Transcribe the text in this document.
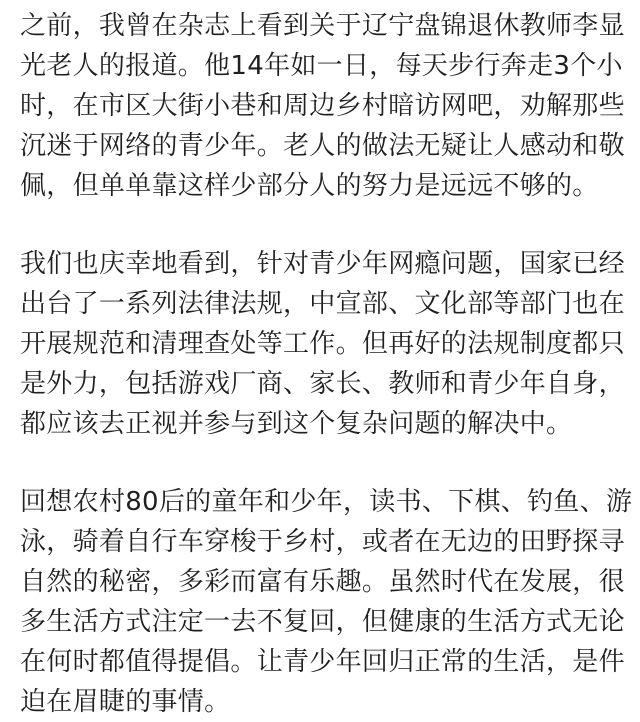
之前，我曾在杂志上看到关于辽宁盘锦退休教师李显
光老人的报道。他14年如一日，每天步行奔走3个小
时，在市区大街小巷和周边乡村暗访网吧，劝解那些
沉迷于网络的青少年。老人的做法无疑让人感动和敬
佩，但单单靠这样少部分人的努力是远远不够的。
我们也庆幸地看到，针对青少年网瘾问题，国家已经
出台了一系列法律法规，中宣部、文化部等部门也在
开展规范和清理查处等工作。但再好的法规制度都只
是外力，包括游戏厂商、家长、教师和青少年自身，
都应该去正视并参与到这个复杂问题的解决中。
回想农村80后的童年和少年，读书、下棋、钓鱼、游
泳，骑着自行车穿梭于乡村，或者在无边的田野探寻
自然的秘密，多彩而富有乐趣。虽然时代在发展，很
多生活方式注定一去不复回，但健康的生活方式无论
在何时都值得提倡。让青少年回归正常的生活，是件
迫在眉睫的事情。
